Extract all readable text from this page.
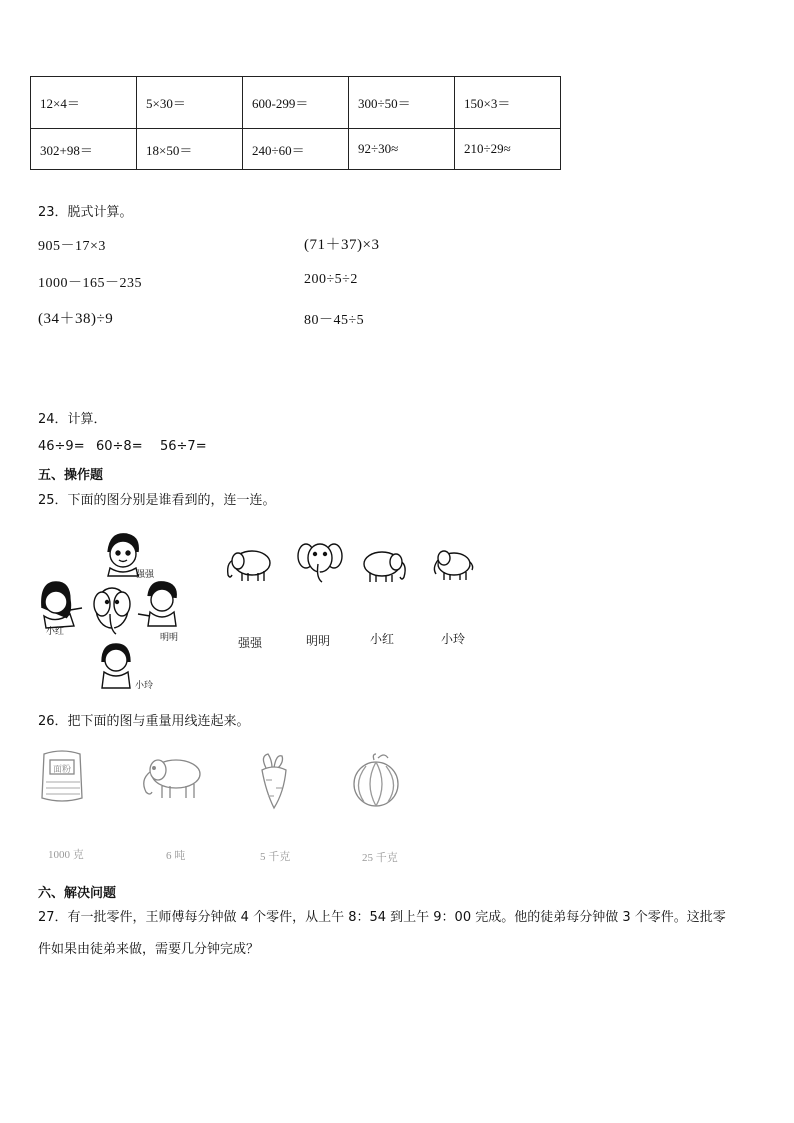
12×4＝	5×30＝	600-299＝	300÷50＝	150×3＝
302+98＝	18×50＝	240÷60＝	92÷30≈	210÷29≈
23．脱式计算。
905－17×3	(71＋37)×3
1000－165－235	200÷5÷2
(34＋38)÷9	80－45÷5
24．计算．
46÷9= 60÷8= 56÷7=
五、操作题
25．下面的图分别是谁看到的，连一连。
强强
小红
明明
小玲
强强	明明	小红	小玲
26．把下面的图与重量用线连起来。
面粉
1000 克	6 吨	5 千克	25 千克
六、解决问题
27．有一批零件，王师傅每分钟做 4 个零件，从上午 8：54 到上午 9：00 完成。他的徒弟每分钟做 3 个零件。这批零
件如果由徒弟来做，需要几分钟完成？
